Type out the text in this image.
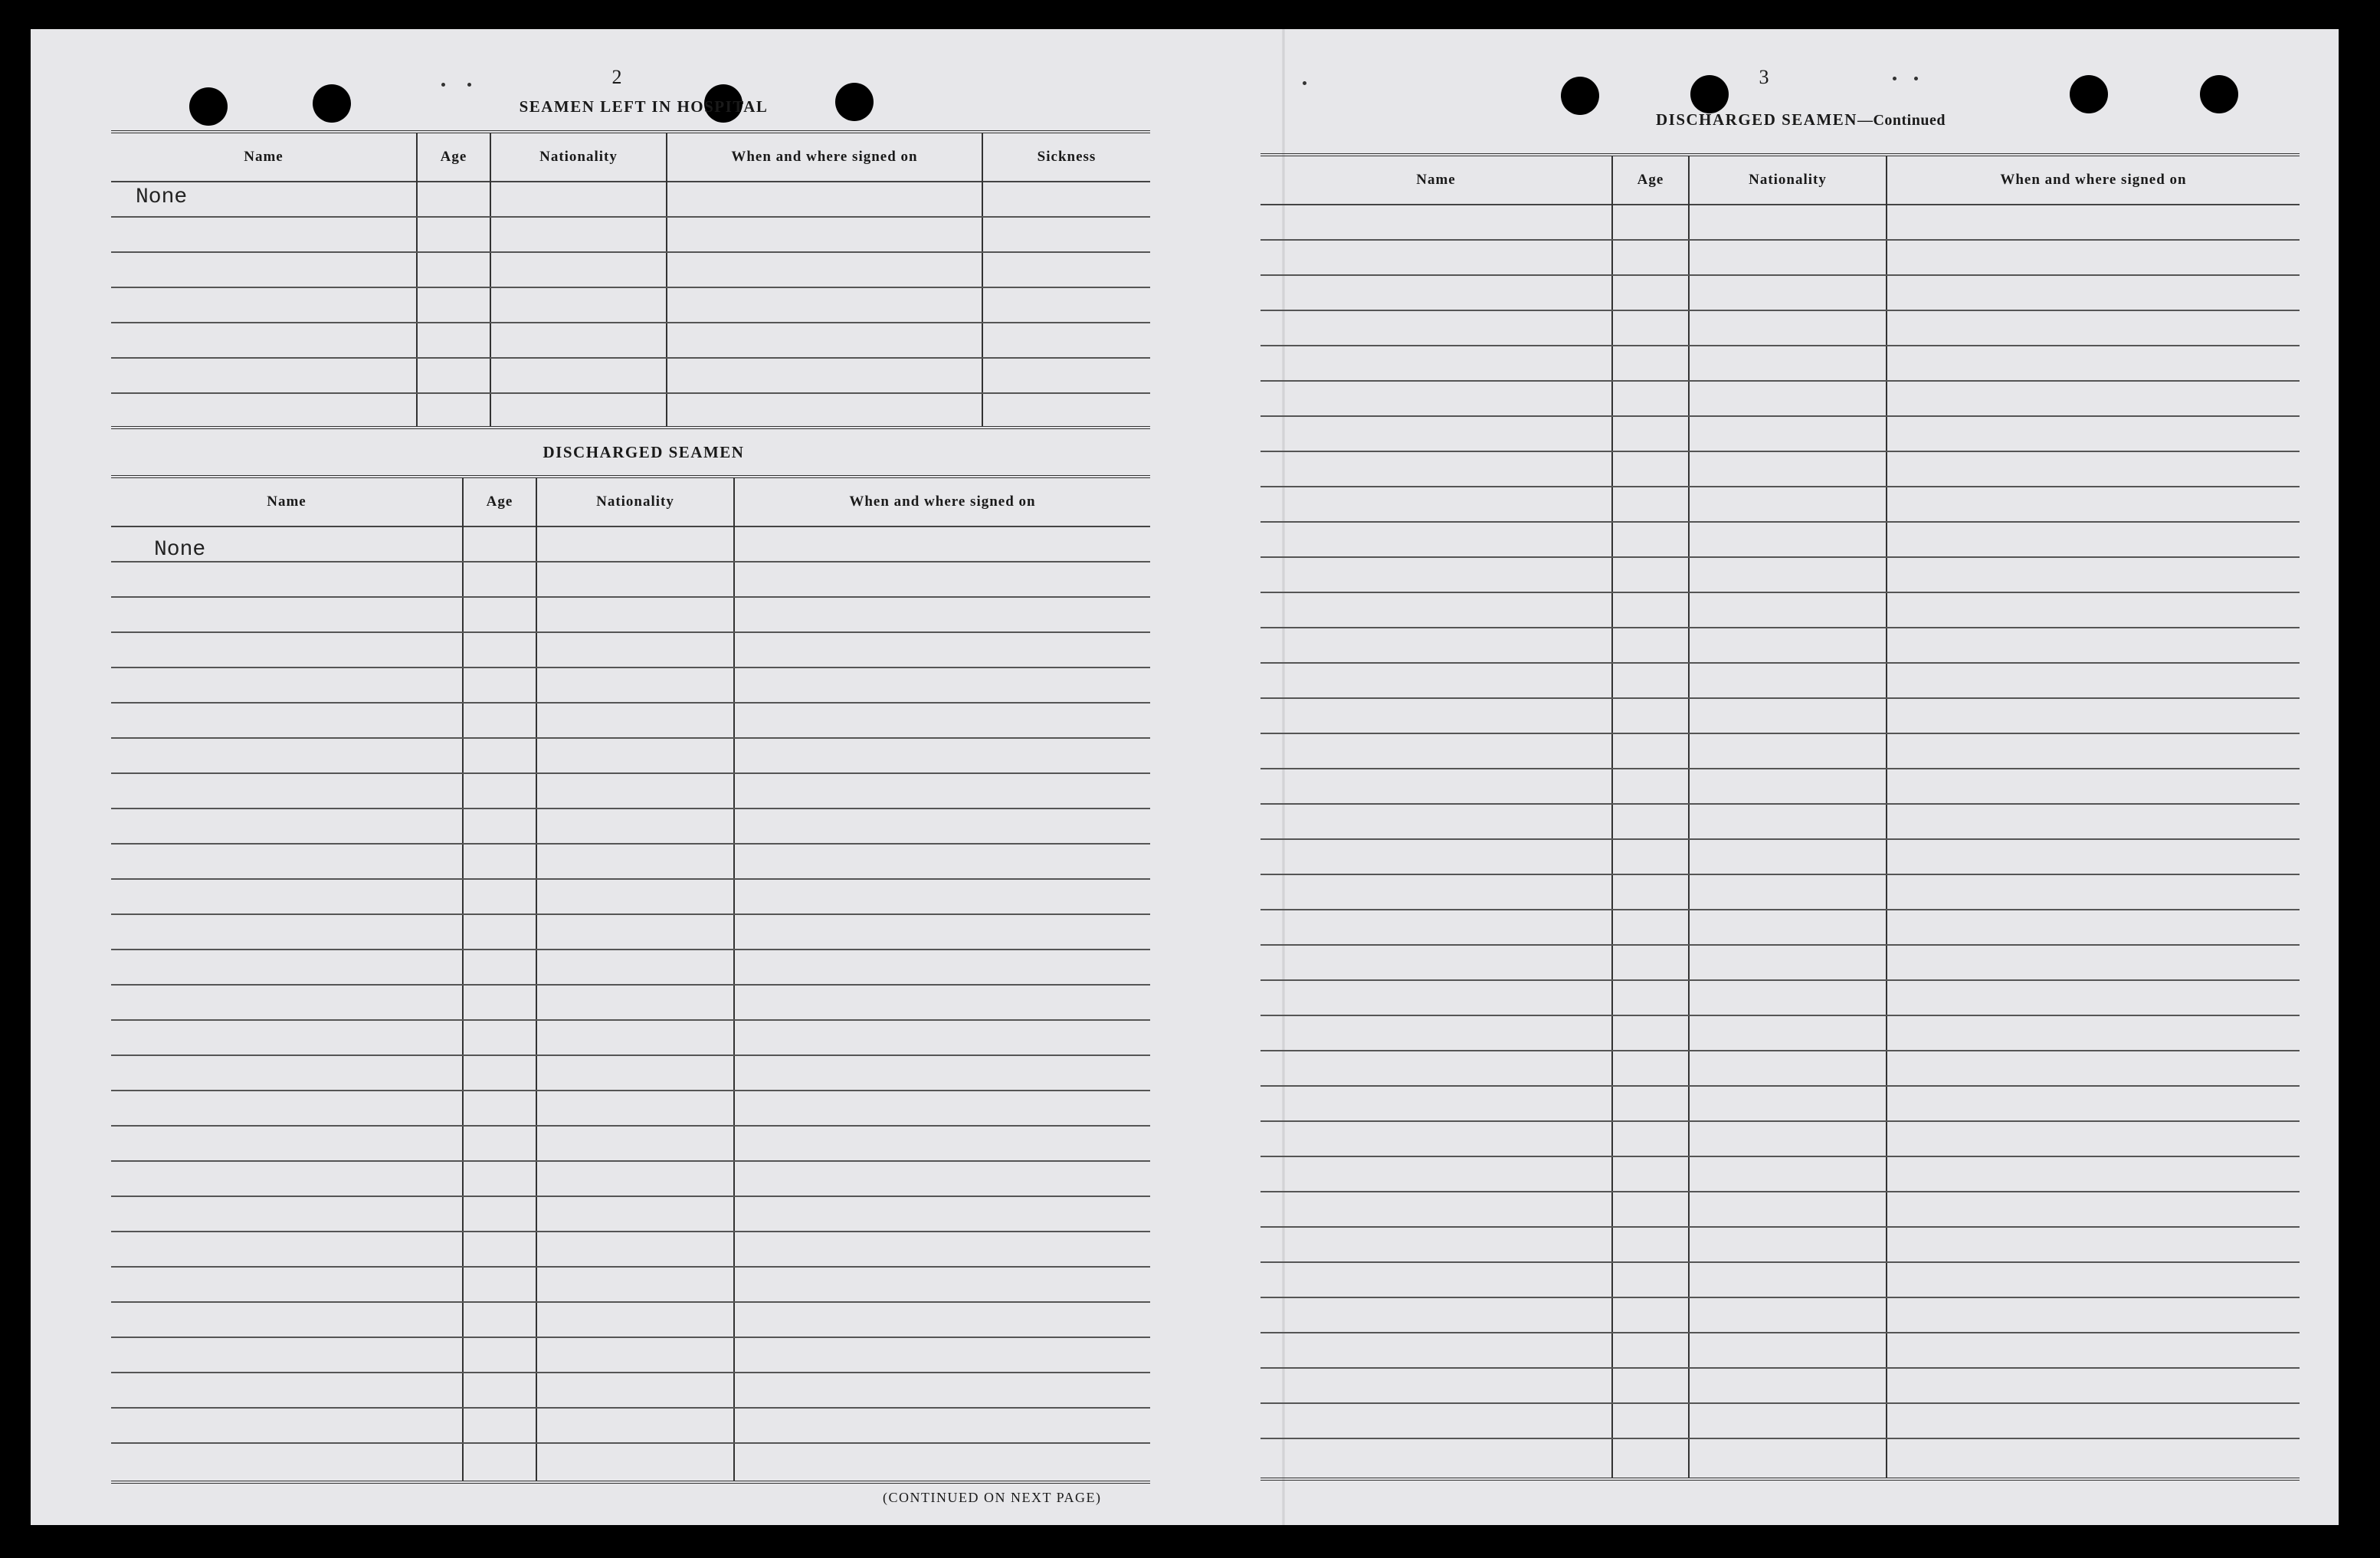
2
SEAMEN LEFT IN HOSPITAL
Name	Age	Nationality	When and where signed on	Sickness
None
DISCHARGED SEAMEN
Name	Age	Nationality	When and where signed on
None
(CONTINUED ON NEXT PAGE)
3
DISCHARGED SEAMEN—Continued
Name	Age	Nationality	When and where signed on
